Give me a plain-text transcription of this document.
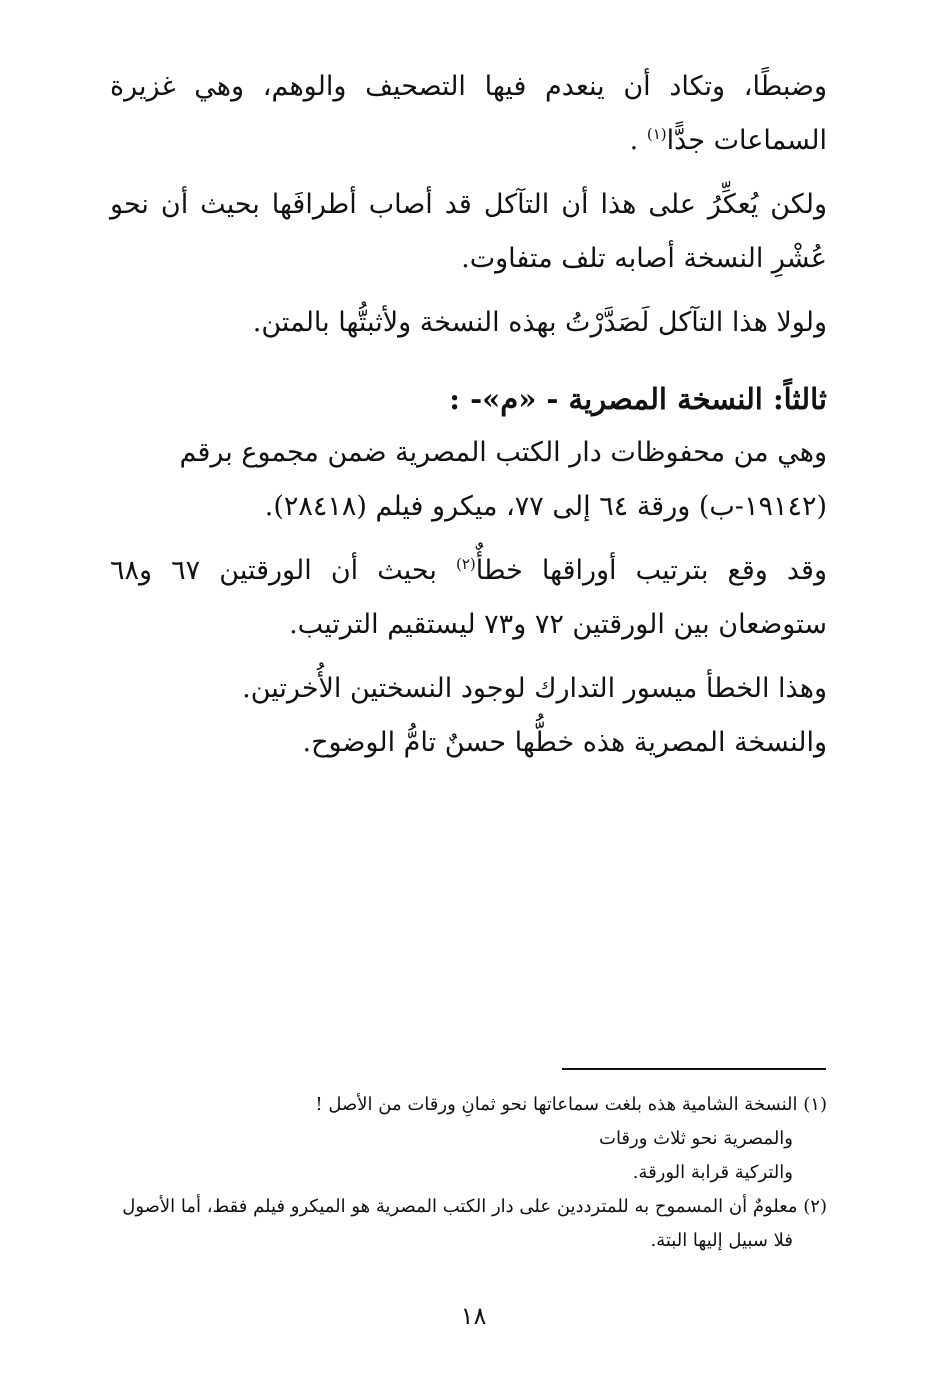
وضبطًا، وتكاد أن ينعدم فيها التصحيف والوهم، وهي غزيرة السماعات جدًّا$^{(١)}$ .

ولكن يُعكِّرُ على هذا أن التآكل قد أصاب أطرافَها بحيث أن نحو عُشْرِ النسخة أصابه تلف متفاوت.

ولولا هذا التآكل لَصَدَّرْتُ بهذه النسخة ولأثبتُّها بالمتن.

ثالثاً: النسخة المصرية - «م»- :

وهي من محفوظات دار الكتب المصرية ضمن مجموع برقم

(١٩١٤٢-ب) ورقة ٦٤ إلى ٧٧، ميكرو فيلم (٢٨٤١٨).

وقد وقع بترتيب أوراقها خطأٌ$^{(٢)}$ بحيث أن الورقتين ٦٧ و٦٨ ستوضعان بين الورقتين ٧٢ و٧٣ ليستقيم الترتيب.

وهذا الخطأ ميسور التدارك لوجود النسختين الأُخرتين.

والنسخة المصرية هذه خطُّها حسنٌ تامُّ الوضوح.

(١) النسخة الشامية هذه بلغت سماعاتها نحو ثمانِ ورقات من الأصل !

والمصرية نحو ثلاث ورقات

والتركية قرابة الورقة.

(٢) معلومٌ أن المسموح به للمترددين على دار الكتب المصرية هو الميكرو فيلم فقط، أما الأصول

فلا سبيل إليها البتة.

١٨
